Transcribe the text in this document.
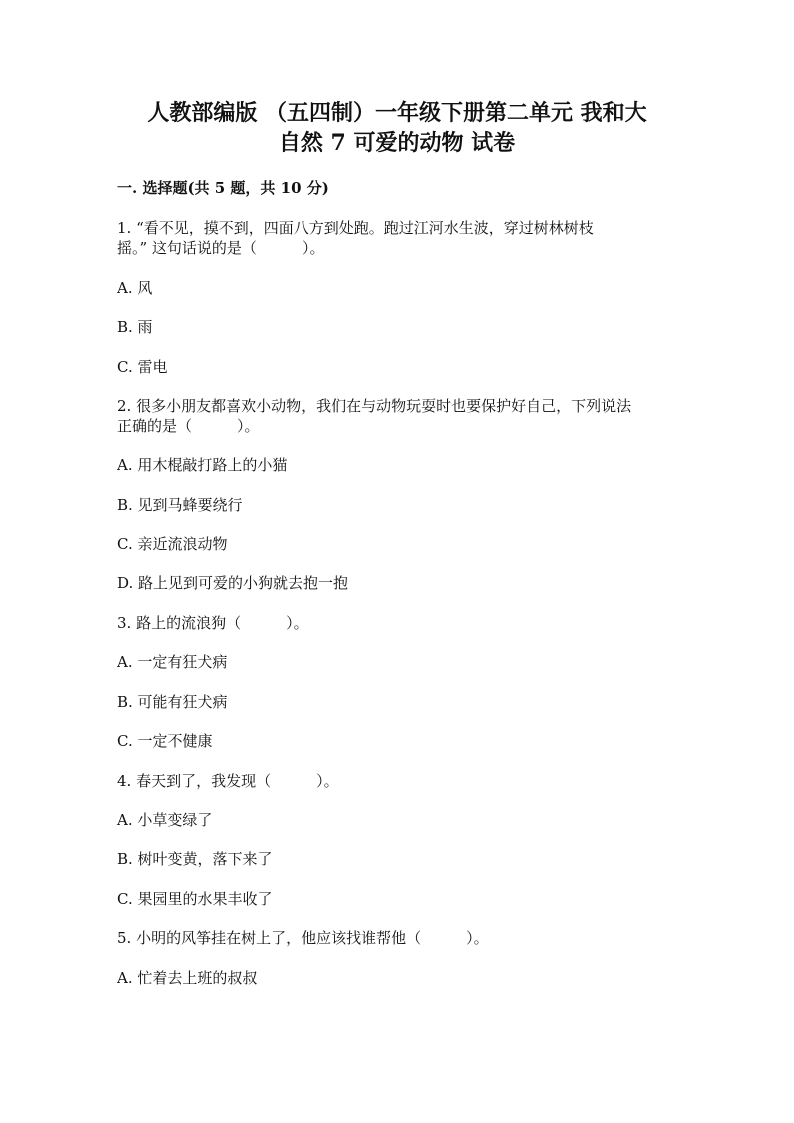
人教部编版 （五四制）一年级下册第二单元 我和大
自然 7 可爱的动物 试卷

一. 选择题(共 5 题，共 10 分)

1. “看不见，摸不到，四面八方到处跑。跑过江河水生波，穿过树林树枝
摇。” 这句话说的是（　　　）。

A. 风

B. 雨

C. 雷电

2. 很多小朋友都喜欢小动物，我们在与动物玩耍时也要保护好自己，下列说法
正确的是（　　　）。

A. 用木棍敲打路上的小猫

B. 见到马蜂要绕行

C. 亲近流浪动物

D. 路上见到可爱的小狗就去抱一抱

3. 路上的流浪狗（　　　）。

A. 一定有狂犬病

B. 可能有狂犬病

C. 一定不健康

4. 春天到了，我发现（　　　）。

A. 小草变绿了

B. 树叶变黄，落下来了

C. 果园里的水果丰收了

5. 小明的风筝挂在树上了，他应该找谁帮他（　　　）。

A. 忙着去上班的叔叔
